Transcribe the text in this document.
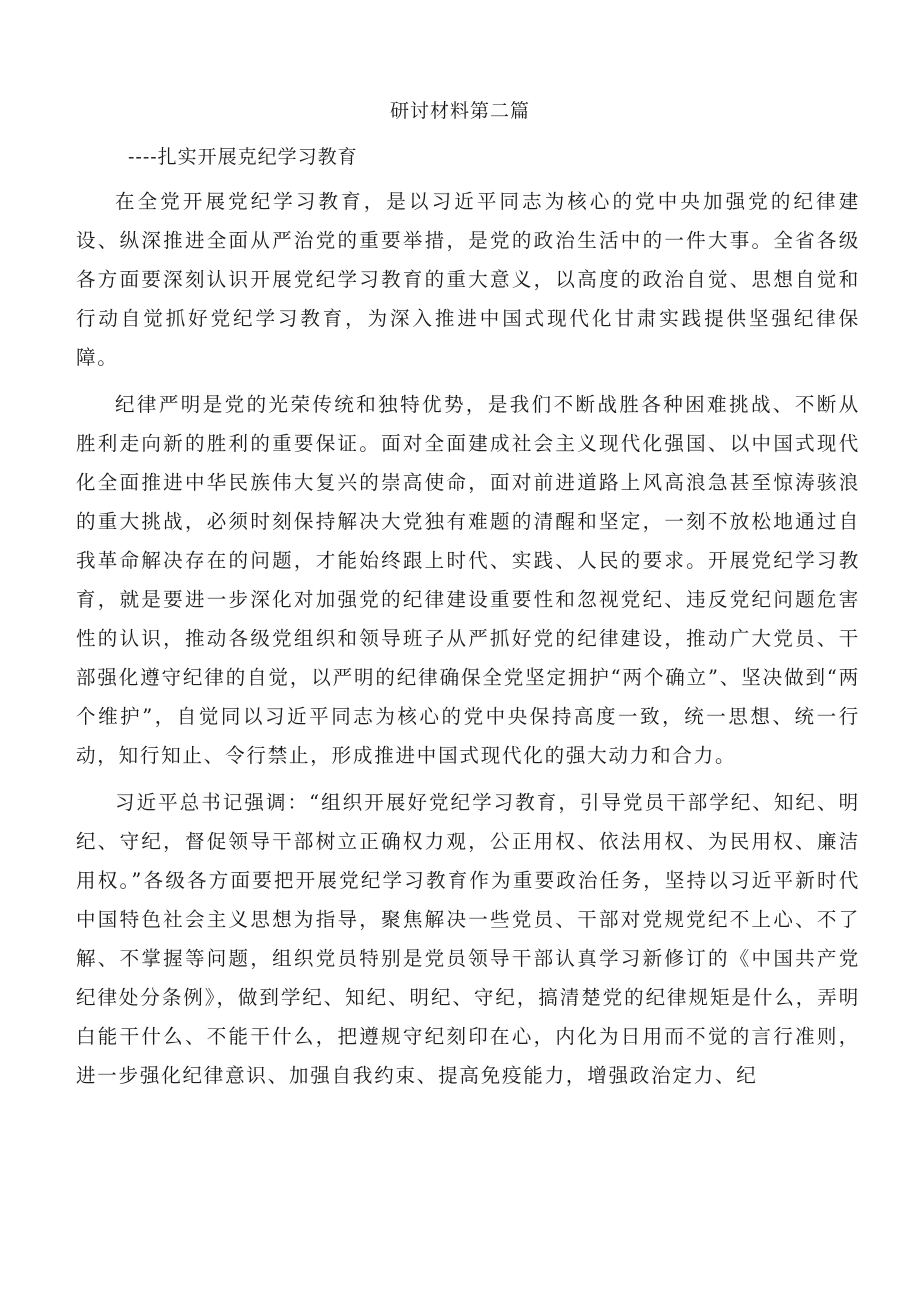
研讨材料第二篇
----扎实开展克纪学习教育

在全党开展党纪学习教育，是以习近平同志为核心的党中央加强党的纪律建设、纵深推进全面从严治党的重要举措，是党的政治生活中的一件大事。全省各级各方面要深刻认识开展党纪学习教育的重大意义，以高度的政治自觉、思想自觉和行动自觉抓好党纪学习教育，为深入推进中国式现代化甘肃实践提供坚强纪律保障。

纪律严明是党的光荣传统和独特优势，是我们不断战胜各种困难挑战、不断从胜利走向新的胜利的重要保证。面对全面建成社会主义现代化强国、以中国式现代化全面推进中华民族伟大复兴的崇高使命，面对前进道路上风高浪急甚至惊涛骇浪的重大挑战，必须时刻保持解决大党独有难题的清醒和坚定，一刻不放松地通过自我革命解决存在的问题，才能始终跟上时代、实践、人民的要求。开展党纪学习教育，就是要进一步深化对加强党的纪律建设重要性和忽视党纪、违反党纪问题危害性的认识，推动各级党组织和领导班子从严抓好党的纪律建设，推动广大党员、干部强化遵守纪律的自觉，以严明的纪律确保全党坚定拥护“两个确立”、坚决做到“两个维护”，自觉同以习近平同志为核心的党中央保持高度一致，统一思想、统一行动，知行知止、令行禁止，形成推进中国式现代化的强大动力和合力。

习近平总书记强调：“组织开展好党纪学习教育，引导党员干部学纪、知纪、明纪、守纪，督促领导干部树立正确权力观，公正用权、依法用权、为民用权、廉洁用权。”各级各方面要把开展党纪学习教育作为重要政治任务，坚持以习近平新时代中国特色社会主义思想为指导，聚焦解决一些党员、干部对党规党纪不上心、不了解、不掌握等问题，组织党员特别是党员领导干部认真学习新修订的《中国共产党纪律处分条例》，做到学纪、知纪、明纪、守纪，搞清楚党的纪律规矩是什么，弄明白能干什么、不能干什么，把遵规守纪刻印在心，内化为日用而不觉的言行准则，进一步强化纪律意识、加强自我约束、提高免疫能力，增强政治定力、纪
